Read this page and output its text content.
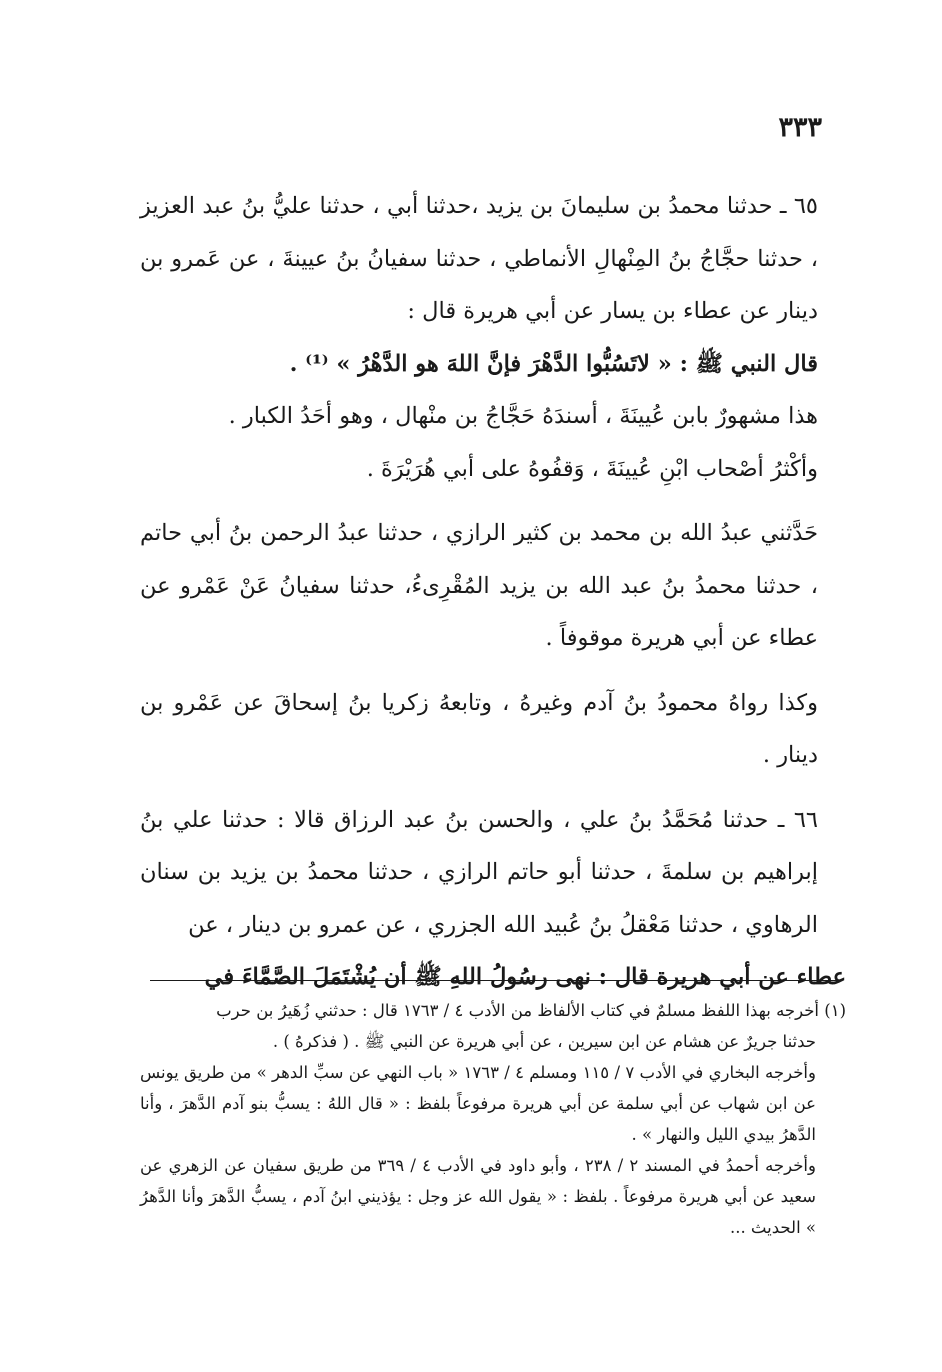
٣٣٣

٦٥ ـ حدثنا محمدُ بن سليمانَ بن يزيد ،حدثنا أبي ، حدثنا عليُّ بنُ عبد العزيز ، حدثنا حجَّاجُ بنُ المِنْهالِ الأنماطي ، حدثنا سفيانُ بنُ عيينةَ ، عن عَمرو بن دينار عن عطاء بن يسار عن أبي هريرة قال :

قال النبي ﷺ : « لاتَسُبُّوا الدَّهْرَ فإنَّ اللهَ هو الدَّهْرُ » ⁽¹⁾ .

هذا مشهورٌ بابن عُيينَةَ ، أسندَهُ حَجَّاجُ بن منْهال ، وهو أحَدُ الكبار .

وأكْثرُ أصْحاب ابْنِ عُيينَةَ ، وَقفُوهُ على أبي هُرَيْرَةَ .

حَدَّثني عبدُ الله بن محمد بن كثير الرازي ، حدثنا عبدُ الرحمن بنُ أبي حاتم ، حدثنا محمدُ بنُ عبد الله بن يزيد المُقْرِىءُ، حدثنا سفيانُ عَنْ عَمْرو عن عطاء عن أبي هريرة موقوفاً .

وكذا رواهُ محمودُ بنُ آدم وغيرهُ ، وتابعهُ زكريا بنُ إسحاقَ عن عَمْرو بن دينار .

٦٦ ـ حدثنا مُحَمَّدُ بنُ علي ، والحسن بنُ عبد الرزاق قالا : حدثنا علي بنُ إبراهيم بن سلمةَ ، حدثنا أبو حاتم الرازي ، حدثنا محمدُ بن يزيد بن سنان الرهاوي ، حدثنا مَعْقلُ بنُ عُبيد الله الجزري ، عن عمرو بن دينار ، عن

عطاء عن أبي هريرة قال : نهى رسُولُ اللهِ ﷺ أن يُشْتَمَلَ الصَّمَّاءَ في

(١) أخرجه بهذا اللفظ مسلمٌ في كتاب الألفاظ من الأدب ٤ / ١٧٦٣ قال : حدثني زُهَيرُ بن حرب

حدثنا جريرٌ عن هشام عن ابن سيرين ، عن أبي هريرة عن النبي ﷺ . ( فذكرهُ ) .

وأخرجه البخاري في الأدب ٧ / ١١٥ ومسلم ٤ / ١٧٦٣ « باب النهي عن سبِّ الدهر » من طريق يونس عن ابن شهاب عن أبي سلمة عن أبي هريرة مرفوعاً بلفظ : « قال اللهُ : يسبُّ بنو آدم الدَّهرَ ، وأنا الدَّهرُ بيدي الليل والنهار » .

وأخرجه أحمدُ في المسند ٢ / ٢٣٨ ، وأبو داود في الأدب ٤ / ٣٦٩ من طريق سفيان عن الزهري عن سعيد عن أبي هريرة مرفوعاً . بلفظ : « يقول الله عز وجل : يؤذيني ابنُ آدم ، يسبُّ الدَّهرَ وأنا الدَّهرُ » الحديث ...
